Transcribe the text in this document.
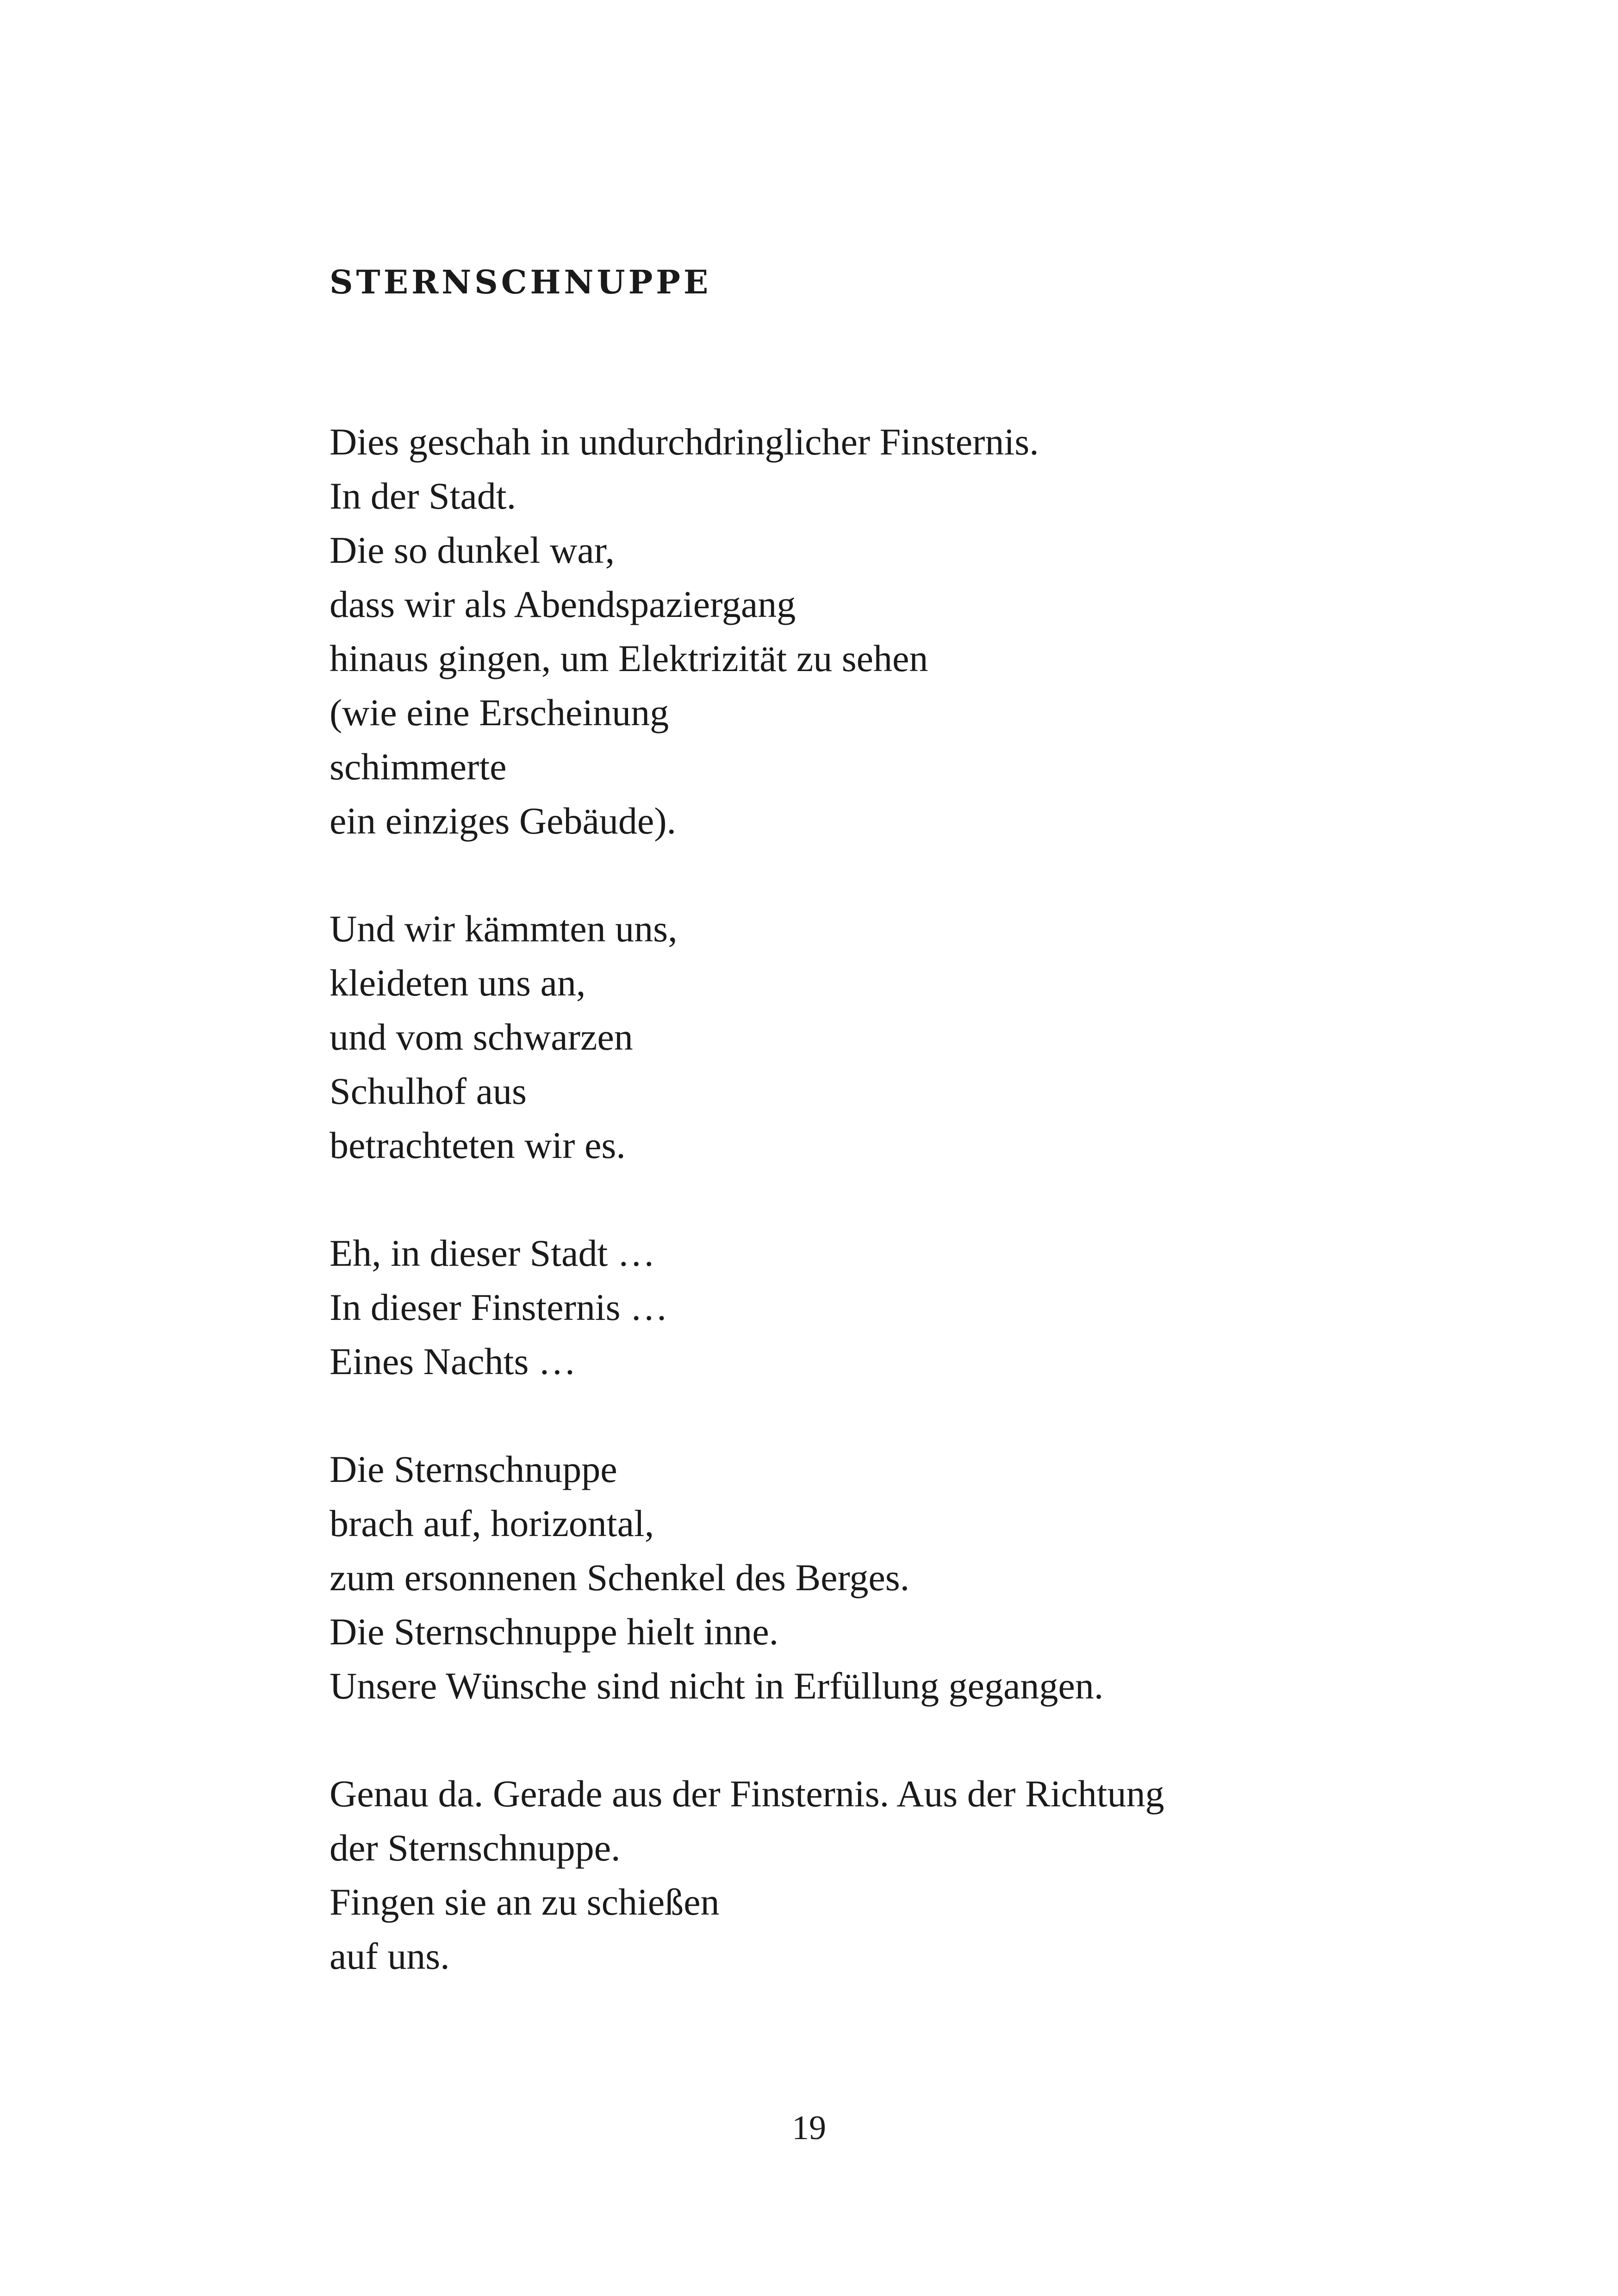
STERNSCHNUPPE
Dies geschah in undurchdringlicher Finsternis.
In der Stadt.
Die so dunkel war,
dass wir als Abendspaziergang
hinaus gingen, um Elektrizität zu sehen
(wie eine Erscheinung
schimmerte
ein einziges Gebäude).
Und wir kämmten uns,
kleideten uns an,
und vom schwarzen
Schulhof aus
betrachteten wir es.
Eh, in dieser Stadt …
In dieser Finsternis …
Eines Nachts …
Die Sternschnuppe
brach auf, horizontal,
zum ersonnenen Schenkel des Berges.
Die Sternschnuppe hielt inne.
Unsere Wünsche sind nicht in Erfüllung gegangen.
Genau da. Gerade aus der Finsternis. Aus der Richtung
der Sternschnuppe.
Fingen sie an zu schießen
auf uns.
19
